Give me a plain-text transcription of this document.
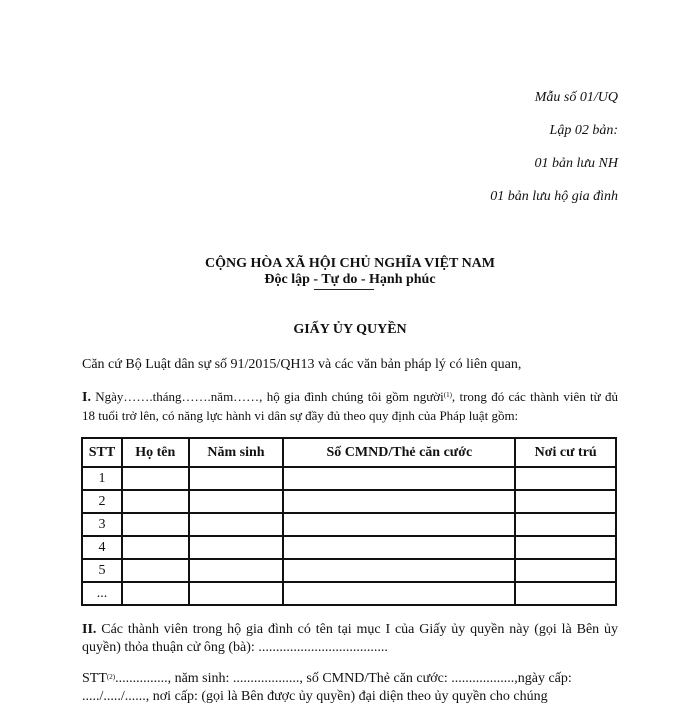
Mẫu số 01/UQ
Lập 02 bản:
01 bản lưu NH
01 bản lưu hộ gia đình
CỘNG HÒA XÃ HỘI CHỦ NGHĨA VIỆT NAM
Độc lập - Tự do - Hạnh phúc
GIẤY ỦY QUYỀN
Căn cứ Bộ Luật dân sự số 91/2015/QH13 và các văn bản pháp lý có liên quan,
I. Ngày…….tháng…….năm……, hộ gia đình chúng tôi gồm người$^{(1)}$, trong đó các thành viên từ đủ 18 tuổi trở lên, có năng lực hành vi dân sự đầy đủ theo quy định của Pháp luật gồm:
STT	Họ tên	Năm sinh	Số CMND/Thẻ căn cước	Nơi cư trú
1				
2				
3				
4				
5				
...				
II. Các thành viên trong hộ gia đình có tên tại mục I của Giấy ủy quyền này (gọi là Bên ủy quyền) thỏa thuận cử ông (bà): .....................................
STT$^{(2)}$..............., năm sinh: ..................., số CMND/Thẻ căn cước: ..................,ngày cấp: ...../...../......, nơi cấp: (gọi là Bên được ủy quyền) đại diện theo ủy quyền cho chúng
